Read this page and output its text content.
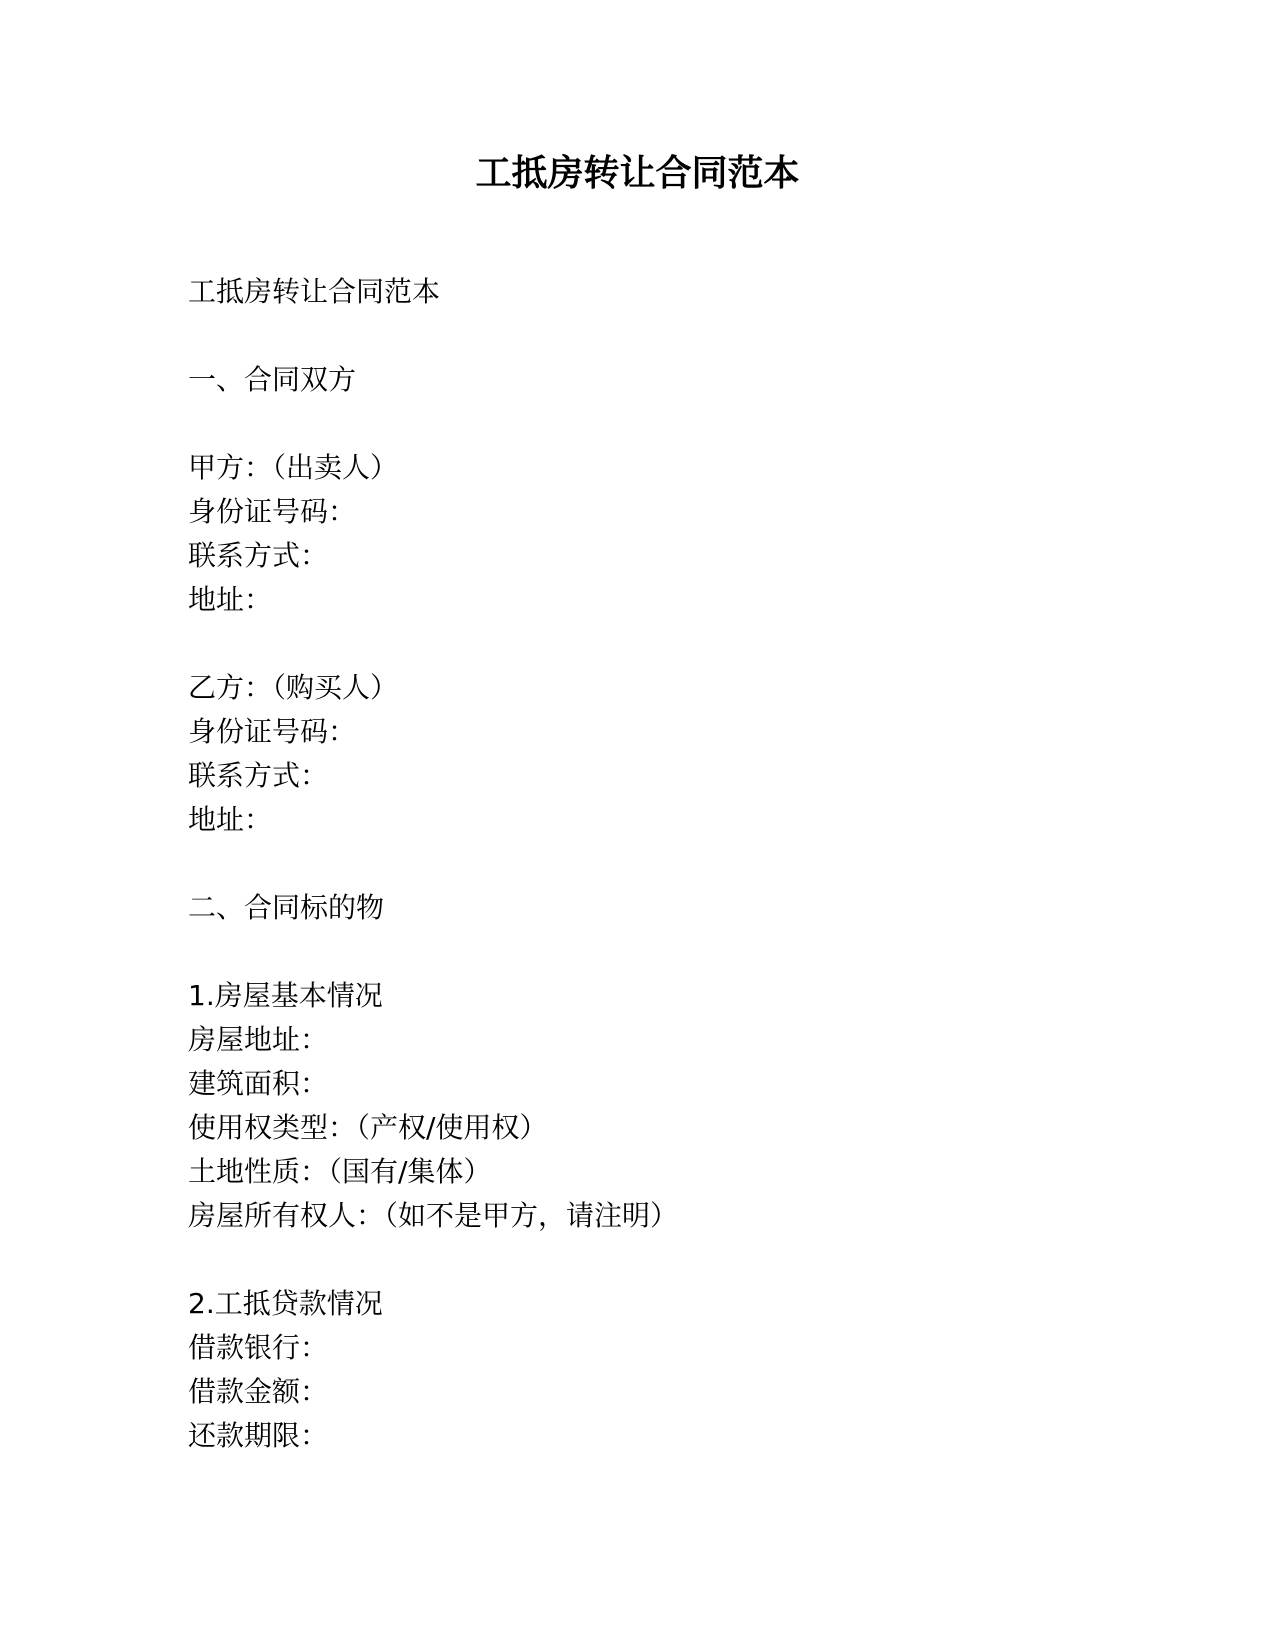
工抵房转让合同范本
工抵房转让合同范本
一、合同双方
甲方：（出卖人）
身份证号码：
联系方式：
地址：
乙方：（购买人）
身份证号码：
联系方式：
地址：
二、合同标的物
1.房屋基本情况
房屋地址：
建筑面积：
使用权类型：（产权/使用权）
土地性质：（国有/集体）
房屋所有权人：（如不是甲方，请注明）
2.工抵贷款情况
借款银行：
借款金额：
还款期限：
